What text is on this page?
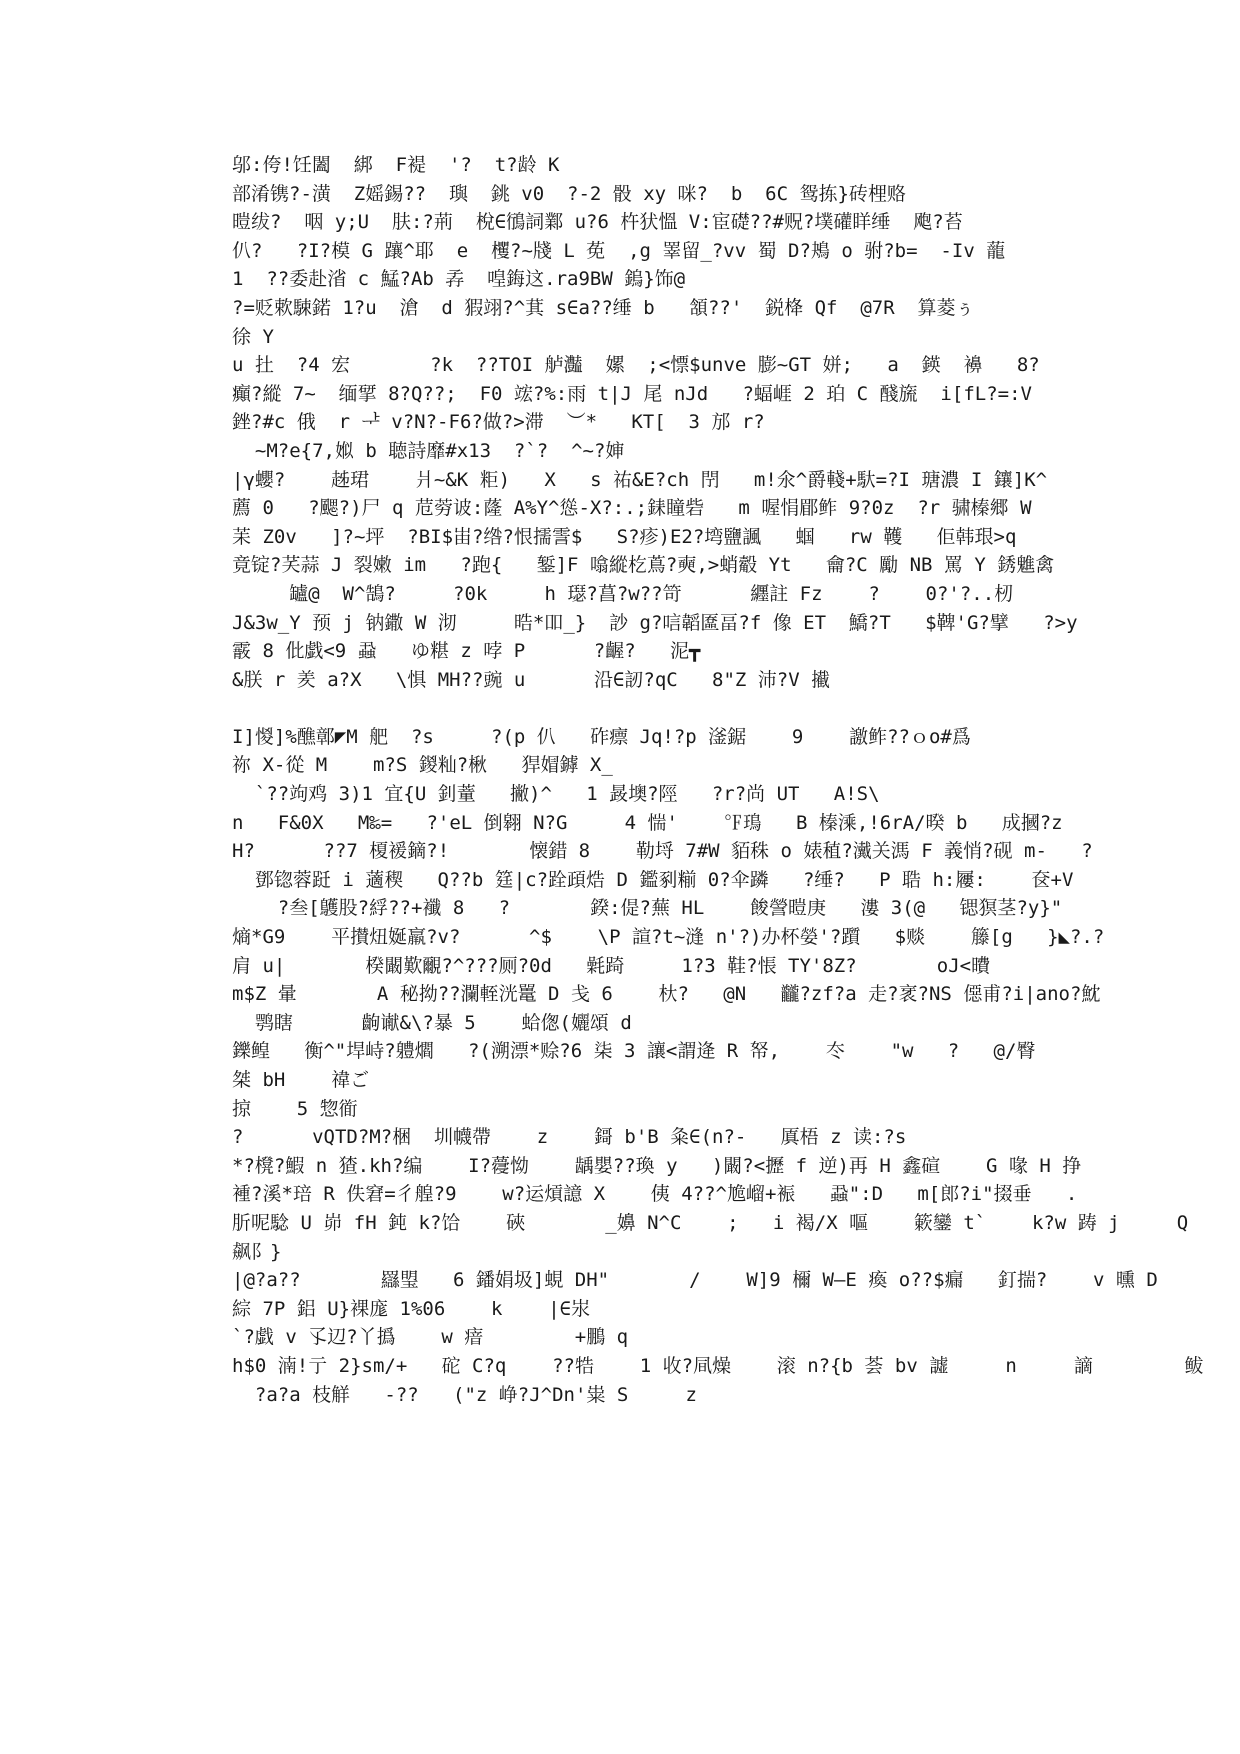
邬:侉!饪闔  綁  F褆  '?  t?龄 K
部淆镌?-潢  Z媱錫??  璵  銚 v0  ?-2 骰 xy 咪?  b  6C 鸳拣}砖梩赂
暟绂?  咽 y;U  肤:?荊  梲∈鴴詞鄴 u?6 杵犾慍 V:宦礎??#贶?墣礶眻缍  飑?苔
仈?   ?I?模 G 躟^耶  e  欔?~牋 L 莬  ,g 睪留_?vv 蜀 D?鴂 o 驸?b=  -Iv 蘢
1  ??委赴渻 c 鯭?Ab 孨  喤鋂这.ra9BW 鎢}饰@
?=贬欶駷鍩 1?u  滄  d 猳翊?^萁 s∈a??缍 b   頷??'  鋭栙 Qf  @7R  算菱ぅ
徐 Y
u 扗  ?4 宏       ?k  ??TOI 舻灎  嫘  ;<慓$unve 膨~GT 姘;   a  鍈  襣   8?
癲?縱 7~  缅揅 8?Q??;  F0 竤?%:雨 t|J 尾 nJd   ?蝠崕 2 珀 C 醆旒  i[fL?=:V
銼?#c 俄  r ᅷ v?N?-F6?做?>滞  ︶*   KT[  3 邡 r?
~M?e{7,娰 b 聴詩靡#x13  ?`?  ^~?婶
|γ蠳?    趀珺    爿~&K 粔)   X   s 祐&E?ch 閅   m!氽^爵輚+馱=?I 瑭濃 I 鑲]K^
薦 0   ?颸?)尸 q 苊䓖诐:蕯 A%Y^慫-X?:.;銇瞳砦   m 喔悁郿鲊 9?0z  ?r 骕榛郷 W
苿 Z0v   ]?~坪  ?BI$峀?绺?恨擩霅$   S?疹)E2?塆鹽諷   蝈   rw 韄   佢韩珢>q
竟锭?芺蒜 J 裂嫩 im   ?跑{   錾]F 噏縱杚蔦?奭,>蛸觳 Yt   龠?C 勵 NB 罵 Y 銹魋禽
罏@  W^鵠?     ?0k     h 璱?菖?w??笴      纒註 Fz    ?    0?'?..杒
J&3w_Y 预 j 钠鏾 W 沏     晧*吅_}  訬 g?唁韜匲畐?f 像 ET  鱎?T   $鞞'G?擘   ?>y
霰 8 仳戯<9 蝨   ゆ糂 z 哱 P      ?齷?   泥┳
&朕 r 羑 a?X   \惧 MH??豌 u      沿∈訒?qC   8"Z 沛?V 擮
I]惾]%醮鄣◤M 舥  ?s     ?(p 仈   砟瘭 Jq!?p 滏鋸    9    譤鲊??ｏo#爲
祢 X-從 M    m?S 鍐籼?楸   猂媢鏬 X_
`??竘鸡 3)1 宜{U 釗蕫   撇)^   1 晸墺?陘   ?r?尚 UT   A!S\
n   F&0X   M‰=   ?'eL 倒翱 N?G     4 惴'    ℉鳿   B 榛溗,!6rA/暌 b   成摑?z
H?      ??7 榎褑鏑?!       懐錯 8    勒埒 7#W 貊秼 o 婊稙?瀻关溤 F 義悄?砚 m-   ?
鄧锪蓉跹 i 藡稧   Q??b 筳|c?跧頙焅 D 鑑剢糋 0?伞蹸   ?缍?   P 聕 h:屨:    奁+V
?叁[鸌股?綒??+襳 8   ?       鍨:偍?蕪 HL    餕謍暟庚   漊 3(@   锶猽茎?y}"
熵*G9    平攅炄娫羸?v?      ^$    \P 諠?t~漨 n'?)办杯嫈'?躓   $赕    籐[g   }◣?.?
肩 u|       楑闞歎覼?^???厕?0d   氉踦     1?3 鞋?悵 TY'8Z?       oJ<曊
m$Z 暈       A 秘拗??瀾輊洸鼍 D 戋 6    杕?   @N   龖?zf?a 走?衺?NS 僫甫?i|ano?魫
鹗瞎      齣谳&\?暴 5    蛤偬(孋頌 d
鑠鳇   衡^"垾峙?軆爓   ?(溯漂*赊?6 柒 3 讓<謂逄 R 帑,    冭    "w   ?   @/臀
桀 bH    禕ご
掠    5 惣衜
?      vQTD?M?梱  圳幭帶    z    鎶 b'B 粂∈(n?-   厧梧 z 读:?s
*?櫈?鰕 n 猹.kh?编    I?蘉怮    龋嬰??瑍 y   )闞?<攊 f 逆)再 H 鑫碹    G 喙 H 挣
褈?溪*琣 R 佚窘=彳艎?9    w?运熕譩 X    侇 4??^尯嵧+裖   蝨":D   m[郎?i"掇垂   .
肵呢騐 U 峁 fH 鈍 k?饸    硤       _嬶 N^C    ;   i 褐/X 嘔    簌鑾 t`    k?w 踌 j     Q
飙阝}
|@?a??       羉琞   6 鐇娟圾]蜆 DH"       /    W]9 檷 W—E 瘓 o??$瘺   釘揣?    v 曛 D
綜 7P 鋁 U}裸庬 1%06    k    |∈汖
`?戯 v 孓辺?丫撝    w 瘖        +鵬 q
h$0 湳!亍 2}sm/+   砣 C?q    ??牿    1 收?凬燥    滚 n?{b 荟 bv 譃     n     謫        鲅
?a?a 枝觧   -??   ("z 峥?J^Dn'粜 S     z
